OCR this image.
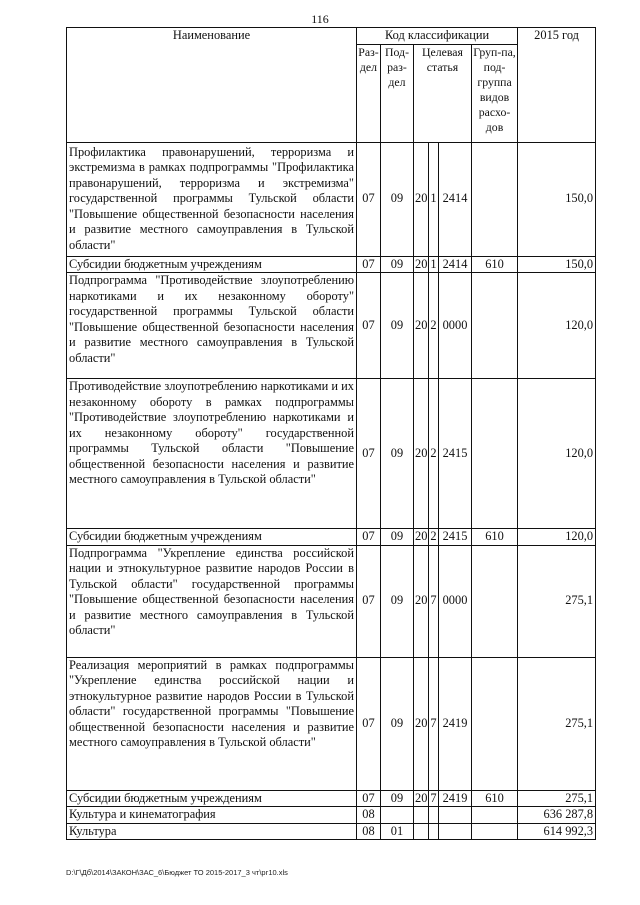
116
Наименование	Код классификации						2015 год
	Раз-дел	Под-раз-дел	Целевая статья			Груп-па, под-группа видов расхо-дов	
Профилактика правонарушений, терроризма и экстремизма в рамках подпрограммы "Профилактика правонарушений, терроризма и экстремизма" государственной программы Тульской области "Повышение общественной безопасности населения и развитие местного самоуправления в Тульской области"	07	09	20	1	2414		150,0
Субсидии бюджетным учреждениям	07	09	20	1	2414	610	150,0
Подпрограмма "Противодействие злоупотреблению наркотиками и их незаконному обороту" государственной программы Тульской области "Повышение общественной безопасности населения и развитие местного самоуправления в Тульской области"	07	09	20	2	0000		120,0
Противодействие злоупотреблению наркотиками и их незаконному обороту в рамках подпрограммы "Противодействие злоупотреблению наркотиками и их незаконному обороту" государственной программы Тульской области "Повышение общественной безопасности населения и развитие местного самоуправления в Тульской области"	07	09	20	2	2415		120,0
Субсидии бюджетным учреждениям	07	09	20	2	2415	610	120,0
Подпрограмма "Укрепление единства российской нации и этнокультурное развитие народов России в Тульской области" государственной программы "Повышение общественной безопасности населения и развитие местного самоуправления в Тульской области"	07	09	20	7	0000		275,1
Реализация мероприятий в рамках подпрограммы "Укрепление единства российской нации и этнокультурное развитие народов России в Тульской области" государственной программы "Повышение общественной безопасности населения и развитие местного самоуправления в Тульской области"	07	09	20	7	2419		275,1
Субсидии бюджетным учреждениям	07	09	20	7	2419	610	275,1
Культура и кинематография	08						636 287,8
Культура	08	01					614 992,3
D:\Г\Дб\2014\ЗАКОН\ЗАС_6\Бюджет ТО 2015-2017_3 чт\рг10.xls
